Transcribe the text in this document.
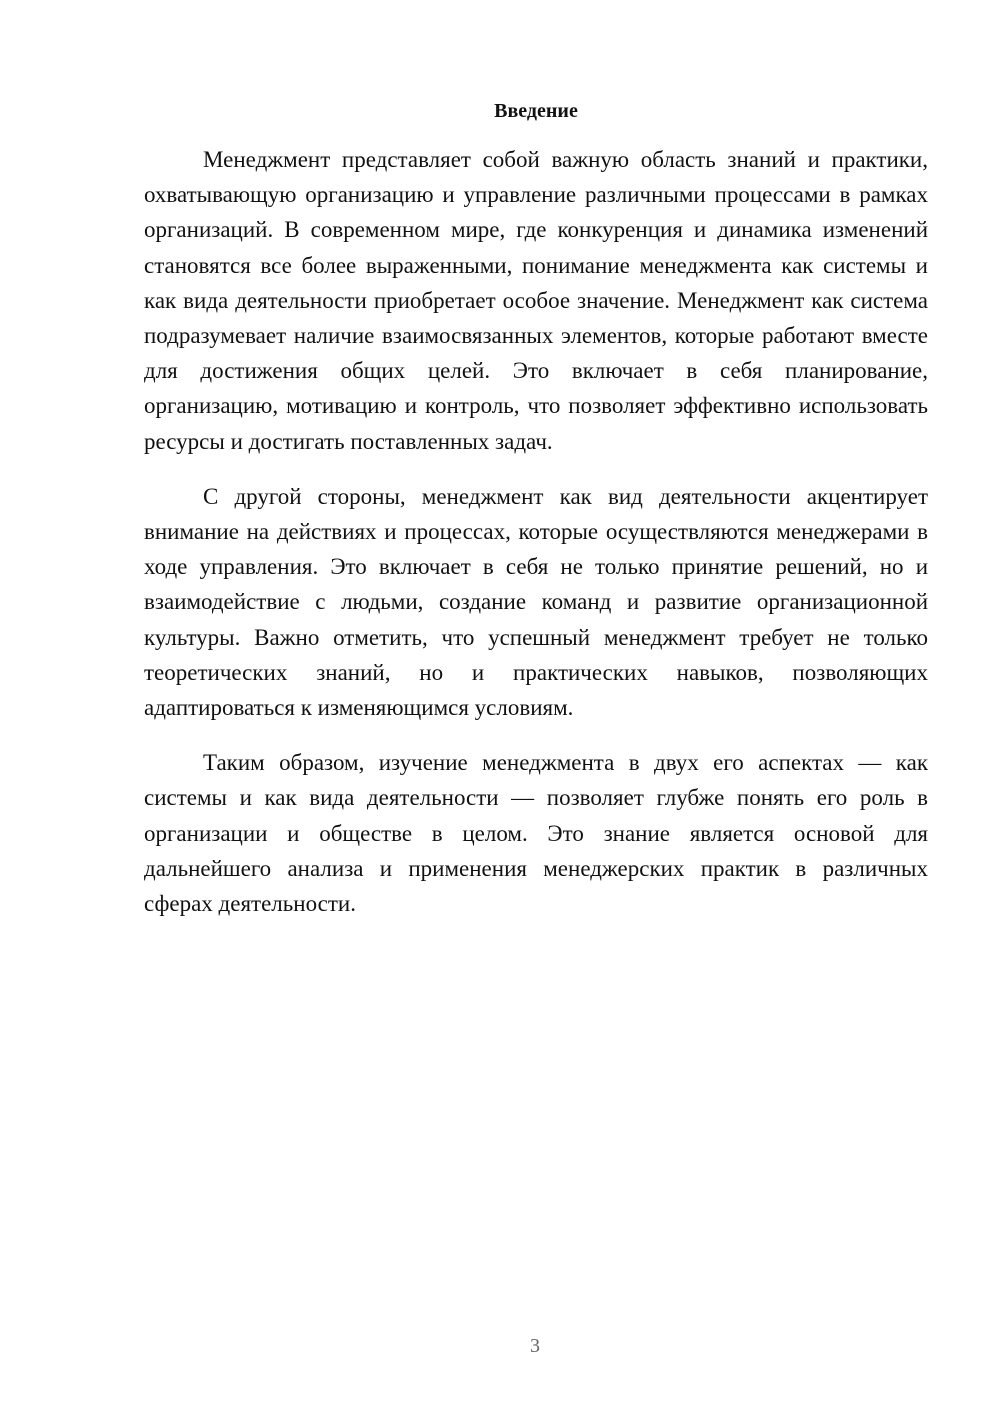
Введение

Менеджмент представляет собой важную область знаний и практики, охватывающую организацию и управление различными процессами в рамках организаций. В современном мире, где конкуренция и динамика изменений становятся все более выраженными, понимание менеджмента как системы и как вида деятельности приобретает особое значение. Менеджмент как система подразумевает наличие взаимосвязанных элементов, которые работают вместе для достижения общих целей. Это включает в себя планирование, организацию, мотивацию и контроль, что позволяет эффективно использовать ресурсы и достигать поставленных задач.

С другой стороны, менеджмент как вид деятельности акцентирует внимание на действиях и процессах, которые осуществляются менеджерами в ходе управления. Это включает в себя не только принятие решений, но и взаимодействие с людьми, создание команд и развитие организационной культуры. Важно отметить, что успешный менеджмент требует не только теоретических знаний, но и практических навыков, позволяющих адаптироваться к изменяющимся условиям.

Таким образом, изучение менеджмента в двух его аспектах — как системы и как вида деятельности — позволяет глубже понять его роль в организации и обществе в целом. Это знание является основой для дальнейшего анализа и применения менеджерских практик в различных сферах деятельности.

3
